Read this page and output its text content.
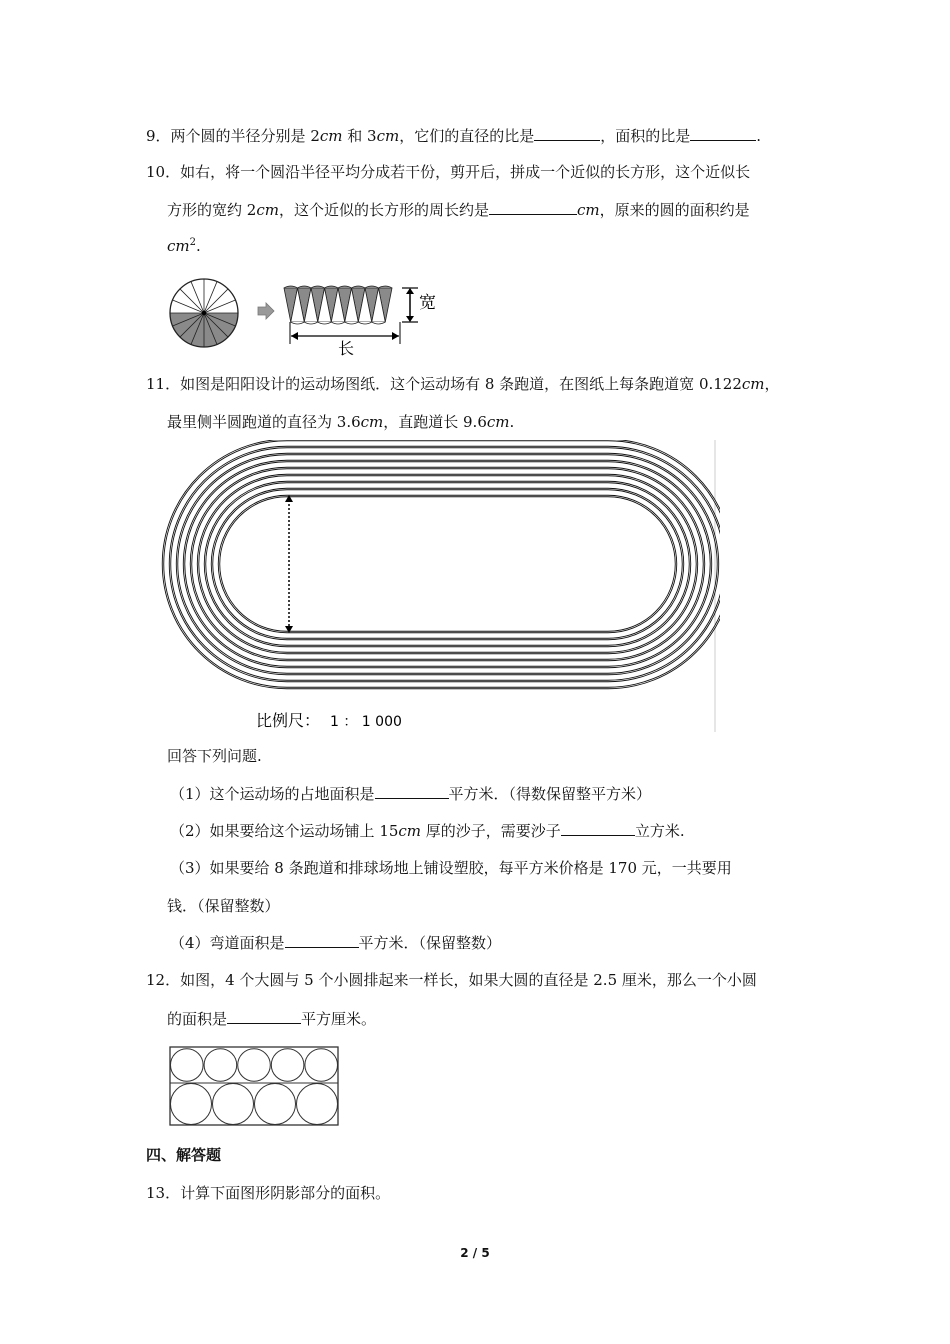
9．两个圆的半径分别是 2cm 和 3cm，它们的直径的比是	，面积的比是	.
10．如右，将一个圆沿半径平均分成若干份，剪开后，拼成一个近似的长方形，这个近似长
方形的宽约 2cm，这个近似的长方形的周长约是	cm，原来的圆的面积约是
$cm^2$.
宽
长
11．如图是阳阳设计的运动场图纸．这个运动场有 8 条跑道，在图纸上每条跑道宽 0.122cm，
最里侧半圆跑道的直径为 3.6cm，直跑道长 9.6cm.
比例尺： 1 ： 1 000
回答下列问题.
（1）这个运动场的占地面积是	平方米．（得数保留整平方米）
（2）如果要给这个运动场铺上 15cm 厚的沙子，需要沙子	立方米.
（3）如果要给 8 条跑道和排球场地上铺设塑胶，每平方米价格是 170 元，一共要用
钱．（保留整数）
（4）弯道面积是	平方米．（保留整数）
12．如图，4 个大圆与 5 个小圆排起来一样长，如果大圆的直径是 2.5 厘米，那么一个小圆
的面积是	平方厘米。
四、解答题
13．计算下面图形阴影部分的面积。
2 / 5
